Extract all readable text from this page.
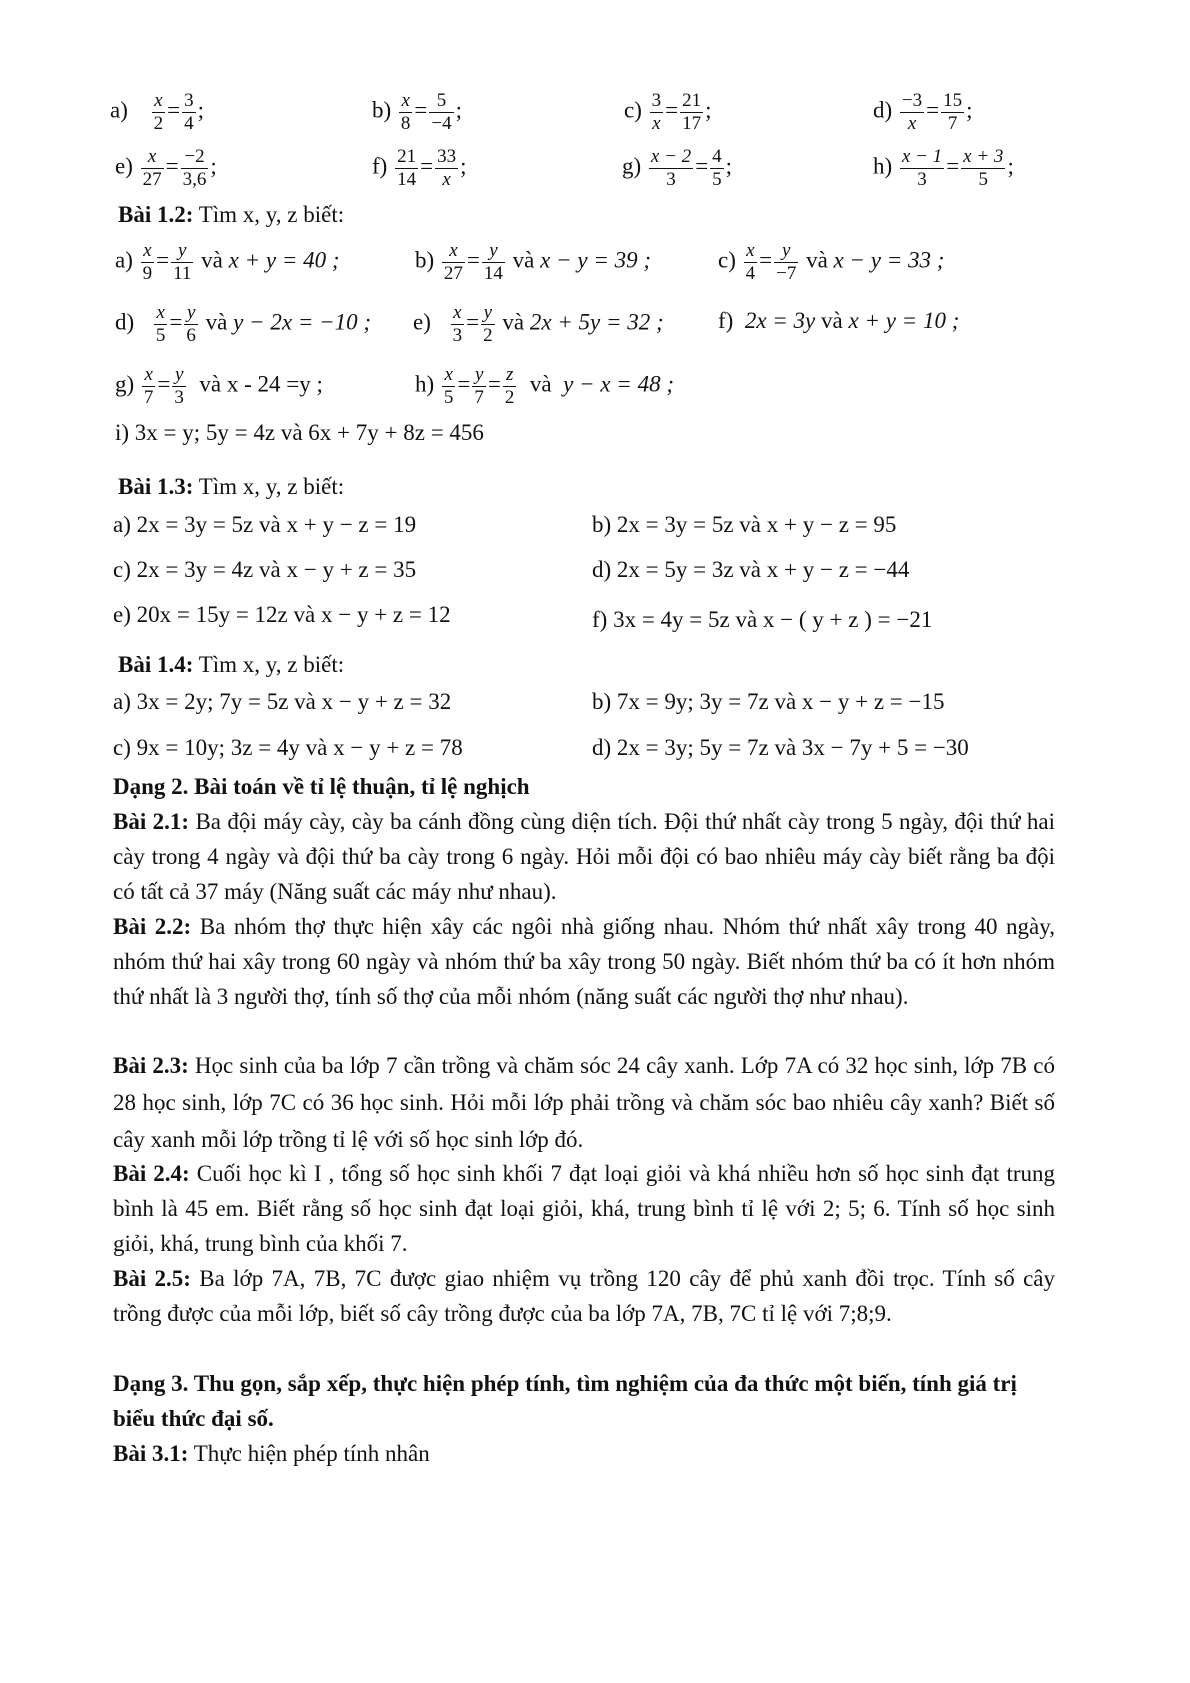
$a) \frac{x}{2} = \frac{3}{4}$ ;	$b) \frac{x}{8} = \frac{5}{-4}$ ;	$c) \frac{3}{x} = \frac{21}{17}$ ;	$d) \frac{-3}{x} = \frac{15}{7}$ ;
$e) \frac{x}{27} = \frac{-2}{3,6}$ ;	$f) \frac{21}{14} = \frac{33}{x}$ ;	$g) \frac{x - 2}{3} = \frac{4}{5}$ ;	$h) \frac{x - 1}{3} = \frac{x + 3}{5}$ ;
Bài 1.2: Tìm x, y, z biết:
$a) \frac{x}{9} = \frac{y}{11}$ và x + y = 40 ;	$b) \frac{x}{27} = \frac{y}{14}$ và x − y = 39 ;	$c) \frac{x}{4} = \frac{y}{-7}$ và x − y = 33 ;
$d) \frac{x}{5} = \frac{y}{6}$ và y − 2x = −10 ; $e) \frac{x}{3} = \frac{y}{2}$ và 2x + 5y = 32 ; f) 2x = 3y và x + y = 10 ;
$g) \frac{x}{7} = \frac{y}{3}$ và x - 24 =y ;	$h) \frac{x}{5} = \frac{y}{7} = \frac{z}{2}$ và y − x = 48 ;
i) 3x = y; 5y = 4z và 6x + 7y + 8z = 456
Bài 1.3: Tìm x, y, z biết:
a) 2x = 3y = 5z và x + y − z = 19	b) 2x = 3y = 5z và x + y − z = 95
c) 2x = 3y = 4z và x − y + z = 35	d) 2x = 5y = 3z và x + y − z = −44
e) 20x = 15y = 12z và x − y + z = 12	f) 3x = 4y = 5z và x − ( y + z ) = −21
Bài 1.4: Tìm x, y, z biết:
a) 3x = 2y; 7y = 5z và x − y + z = 32	b) 7x = 9y; 3y = 7z và x − y + z = −15
c) 9x = 10y; 3z = 4y và x − y + z = 78	d) 2x = 3y; 5y = 7z và 3x − 7y + 5 = −30
Dạng 2. Bài toán về tỉ lệ thuận, tỉ lệ nghịch
Bài 2.1: Ba đội máy cày, cày ba cánh đồng cùng diện tích. Đội thứ nhất cày trong 5 ngày, đội thứ hai cày trong 4 ngày và đội thứ ba cày trong 6 ngày. Hỏi mỗi đội có bao nhiêu máy cày biết rằng ba đội có tất cả 37 máy (Năng suất các máy như nhau).
Bài 2.2: Ba nhóm thợ thực hiện xây các ngôi nhà giống nhau. Nhóm thứ nhất xây trong 40 ngày, nhóm thứ hai xây trong 60 ngày và nhóm thứ ba xây trong 50 ngày. Biết nhóm thứ ba có ít hơn nhóm thứ nhất là 3 người thợ, tính số thợ của mỗi nhóm (năng suất các người thợ như nhau).
Bài 2.3: Học sinh của ba lớp 7 cần trồng và chăm sóc 24 cây xanh. Lớp 7A có 32 học sinh, lớp 7B có 28 học sinh, lớp 7C có 36 học sinh. Hỏi mỗi lớp phải trồng và chăm sóc bao nhiêu cây xanh? Biết số cây xanh mỗi lớp trồng tỉ lệ với số học sinh lớp đó.
Bài 2.4: Cuối học kì I , tổng số học sinh khối 7 đạt loại giỏi và khá nhiều hơn số học sinh đạt trung bình là 45 em. Biết rằng số học sinh đạt loại giỏi, khá, trung bình tỉ lệ với 2; 5; 6. Tính số học sinh giỏi, khá, trung bình của khối 7.
Bài 2.5: Ba lớp 7A, 7B, 7C được giao nhiệm vụ trồng 120 cây để phủ xanh đồi trọc. Tính số cây trồng được của mỗi lớp, biết số cây trồng được của ba lớp 7A, 7B, 7C tỉ lệ với 7;8;9.
Dạng 3. Thu gọn, sắp xếp, thực hiện phép tính, tìm nghiệm của đa thức một biến, tính giá trị biểu thức đại số.
Bài 3.1: Thực hiện phép tính nhân
